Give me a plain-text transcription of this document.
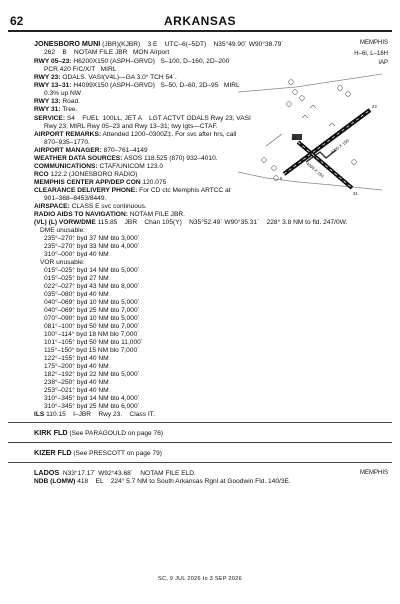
62	ARKANSAS
JONESBORO MUNI (JBR)(KJBR)    3 E    UTC–6(–5DT)    N35°49.90´ W90°38.79´	MEMPHIS
262    B    NOTAM FILE JBR   MON Airport	H–6I, L–16H
IAP
RWY 05–23: H6200X150 (ASPH–GRVD)   S–100, D–160, 2D–200
PCR 420 F/C/X/T   MIRL
RWY 23: ODALS. VASI(V4L)—GA 3.0° TCH 54´.
RWY 13–31: H4099X150 (ASPH–GRVD)   S–50, D–60, 2D–95   MIRL
0.3% up NW
RWY 13: Road.
RWY 31: Tree.
SERVICE: S4    FUEL  100LL, JET A    LGT ACTVT ODALS Rwy 23; VASI
Rwy 23; MIRL Rwy 05–23 and Rwy 13–31; twy lgts—CTAF.
AIRPORT REMARKS: Attended 1200–0300Z‡. For svc after hrs, call
870–935–1770.
AIRPORT MANAGER: 870–761–4149
WEATHER DATA SOURCES: ASOS 118.525 (870) 932–4010.
COMMUNICATIONS: CTAF/UNICOM 123.0
RCO 122.2 (JONESBORO RADIO)
MEMPHIS CENTER APP/DEP CON 120.075
CLEARANCE DELIVERY PHONE: For CD ctc Memphis ARTCC at
901–368–8453/8449.
AIRSPACE: CLASS E svc continuous.
RADIO AIDS TO NAVIGATION: NOTAM FILE JBR.
(VL) (L) VORW/DME 115.85    JBR    Chan 105(Y)    N35°52.49´ W90°35.31´    228° 3.8 NM to fld. 247/0W.
DME unusable:
235°–270° byd 37 NM blo 3,000´
235°–270° byd 33 NM blo 4,000´
310°–000° byd 40 NM
VOR unusable:
015°–025° byd 14 NM blo 5,000´
015°–025° byd 27 NM
022°–027° byd 43 NM blo 8,000´
035°–080° byd 40 NM
040°–069° byd 10 NM blo 5,000´
040°–069° byd 25 NM blo 7,000´
070°–090° byd 10 NM blo 5,000´
081°–100° byd 50 NM blo 7,000´
100°–114° byd 18 NM blo 7,000´
101°–105° byd 50 NM blo 11,000´
115°–150° byd 15 NM blo 7,000´
122°–155° byd 40 NM
175°–200° byd 40 NM
182°–192° byd 22 NM blo 5,000´
238°–250° byd 40 NM
253°–021° byd 40 NM
310°–345° byd 14 NM blo 4,000´
310°–345° byd 25 NM blo 6,000´
ILS 110.15    I–JBR    Rwy 23.    Class IT.
6200 X 150
4099 X 150
5
23
13
31
KIRK FLD (See PARAGOULD on page 76)
KIZER FLD (See PRESCOTT on page 79)
LADOS  N33°17.17´ W92°43.68´    NOTAM FILE ELD.	MEMPHIS
NDB (LOMW) 418    EL    224° 5.7 NM to South Arkansas Rgnl at Goodwin Fld. 140/3E.
SC, 9 JUL 2026 to 3 SEP 2026
